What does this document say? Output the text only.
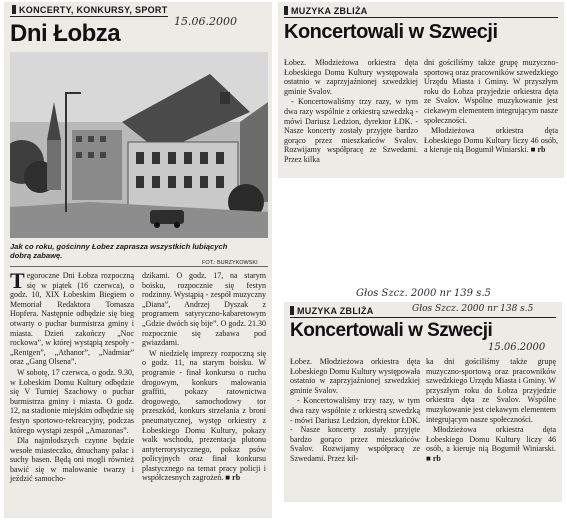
KONCERTY, KONKURSY, SPORT
15.06.2000
Dni Łobza
Jak co roku, gościnny Łobez zaprasza wszystkich lubiących dobrą zabawę.
FOT.: BURZYKOWSKI

Tegoroczne Dni Łobza rozpoczną się w piątek (16 czerwca), o godz. 10, XIX Łobeskim Biegiem o Memoriał Redaktora Tomasza Hopfera. Następnie odbędzie się bieg otwarty o puchar burmistrza gminy i miasta. Dzień zakończy „Noc rockowa”, w której wystąpią zespoły - „Rentgen”, „Athanor”, „Nadmiar” oraz „Gang Olsena”.

W sobotę, 17 czerwca, o godz. 9.30, w Łobeskim Domu Kultury odbędzie się V Turniej Szachowy o puchar burmistrza gminy i miasta. O godz. 12, na stadionie miejskim odbędzie się festyn sportowo-rekreacyjny, podczas którego wystąpi zespół „Amazonas”.

Dla najmłodszych czynne będzie wesołe miasteczko, dmuchany pałac i suchy basen. Będą oni mogli również bawić się w malowanie twarzy i jeździć samocho-

dzikami. O godz. 17, na starym boisku, rozpocznie się festyn rodzinny. Wystąpią - zespół muzyczny „Diana”, Andrzej Dyszak z programem satyryczno-kabaretowym „Gdzie dwóch się bije”. O godz. 21.30 rozpocznie się zabawa pod gwiazdami.

W niedzielę imprezy rozpoczną się o godz. 11, na starym boisku. W programie - finał konkursu o ruchu drogowym, konkurs malowania graffiti, pokazy ratownictwa drogowego, samochodowy tor przeszkód, konkurs strzelania z broni pneumatycznej, występ orkiestry z Łobeskiego Domu Kultury, pokazy walk wschodu, prezentacja plutonu antyterrorystycznego, pokaz psów policyjnych oraz finał konkursu plastycznego na temat pracy policji i współczesnych zagrożeń. ■ rb

MUZYKA ZBLIŻA
Koncertowali w Szwecji

Łobez. Młodzieżowa orkiestra dęta Łobeskiego Domu Kultury występowała ostatnio w zaprzyjaźnionej szwedzkiej gminie Svalov.

- Koncertowaliśmy trzy razy, w tym dwa razy wspólnie z orkiestrą szwedzką - mówi Dariusz Ledzion, dyrektor ŁDK. - Nasze koncerty zostały przyjęte bardzo gorąco przez mieszkańców Svalov. Rozwijamy współpracę ze Szwedami. Przez kilka

dni gościliśmy także grupę muzyczno-sportową oraz pracowników szwedzkiego Urzędu Miasta i Gminy. W przyszłym roku do Łobza przyjedzie orkiestra dęta ze Svalov. Wspólne muzykowanie jest ciekawym elementem integrującym nasze społeczności.

Młodzieżowa orkiestra dęta Łobeskiego Domu Kultury liczy 46 osób, a kieruje nią Bogumił Winiarski. ■ rb

Głos Szcz. 2000 nr 139 s.5
MUZYKA ZBLIŻA	Głos Szcz. 2000 nr 138 s.5
Koncertowali w Szwecji
15.06.2000

Łobez. Młodzieżowa orkiestra dęta Łobeskiego Domu Kultury występowała ostatnio w zaprzyjaźnionej szwedzkiej gminie Svalov.

- Koncertowaliśmy trzy razy, w tym dwa razy wspólnie z orkiestrą szwedzką - mówi Dariusz Ledzion, dyrektor ŁDK. - Nasze koncerty zostały przyjęte bardzo gorąco przez mieszkańców Svalov. Rozwijamy współpracę ze Szwedami. Przez kil-

ka dni gościliśmy także grupę muzyczno-sportową oraz pracowników szwedzkiego Urzędu Miasta i Gminy. W przyszłym roku do Łobza przyjedzie orkiestra dęta ze Svalov. Wspólne muzykowanie jest ciekawym elementem integrującym nasze społeczności.

Młodzieżowa orkiestra dęta Łobeskiego Domu Kultury liczy 46 osób, a kieruje nią Bogumił Winiarski. ■ rb
